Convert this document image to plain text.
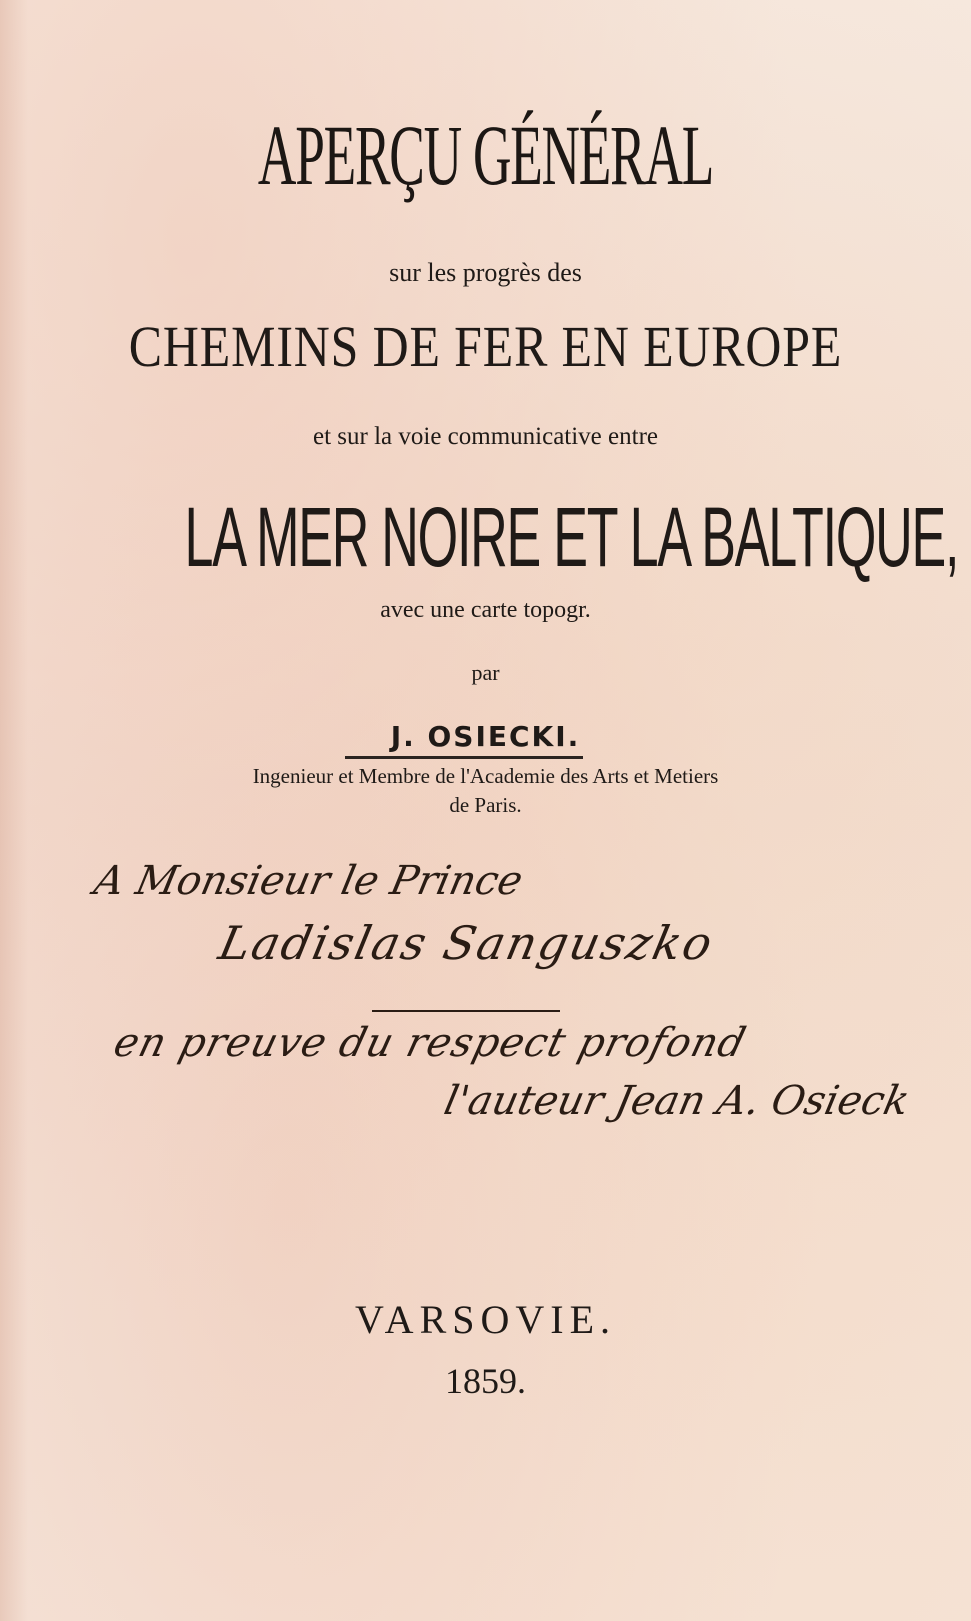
APERÇU GÉNÉRAL
sur les progrès des
CHEMINS DE FER EN EUROPE
et sur la voie communicative entre
LA MER NOIRE ET LA BALTIQUE,
avec une carte topogr.
par
J. OSIECKI.
Ingenieur et Membre de l'Academie des Arts et Metiers
de Paris.
A Monsieur le Prince
Ladislas Sanguszko
en preuve du respect profond
l'auteur Jean A. Osieck
VARSOVIE.
1859.
